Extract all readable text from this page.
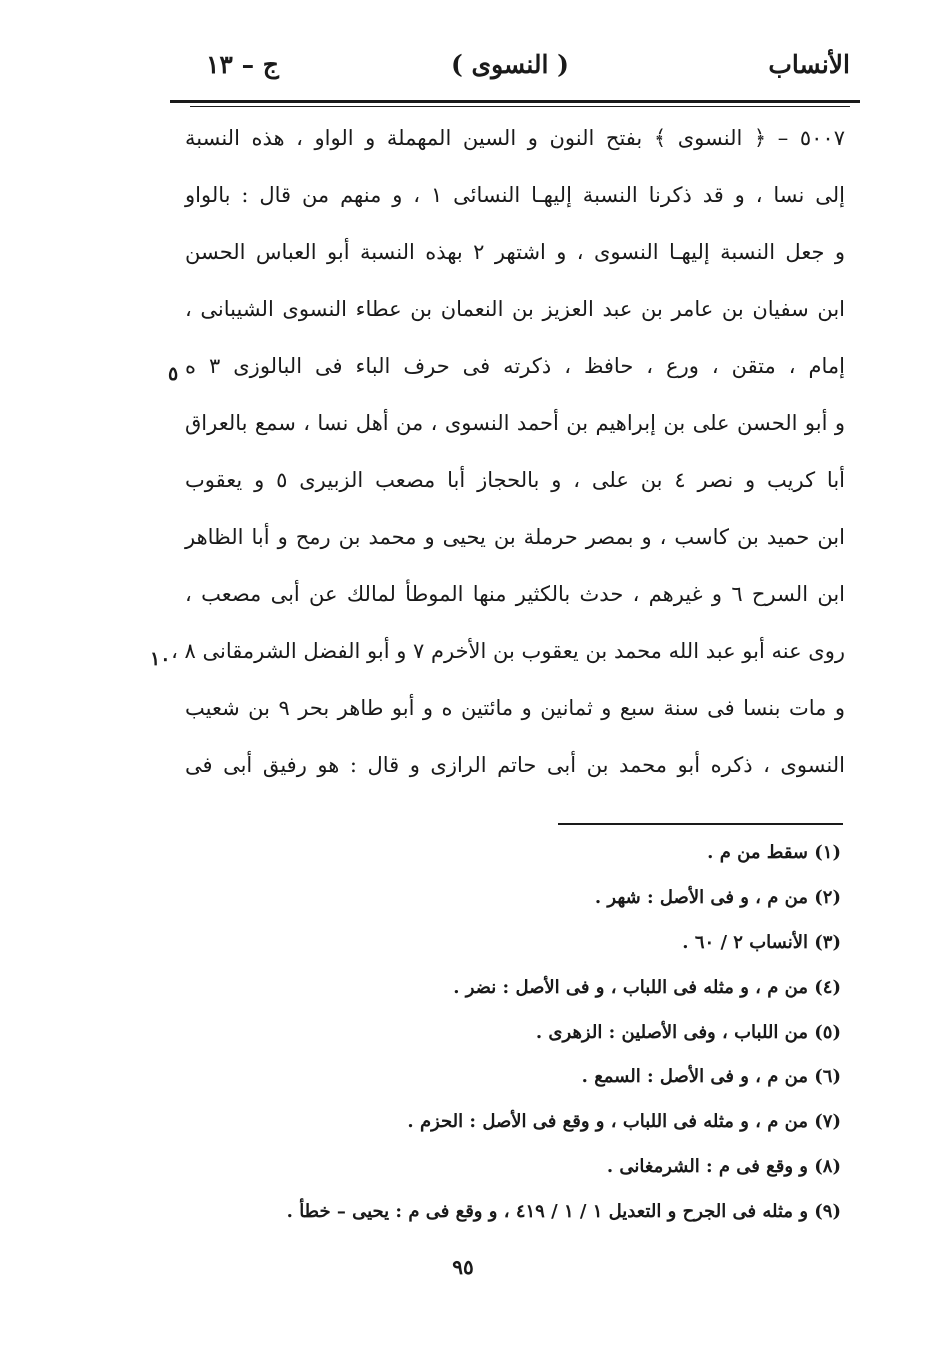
الأنساب
( النسوى )
ج – ١٣
٥٠٠٧ – ﴿ النسوى ﴾ بفتح النون و السين المهملة و الواو ، هذه النسبة
إلى نسا ، و قد ذكرنا النسبة إليهـا النسائى ١ ، و منهم من قال : بالواو
و جعل النسبة إليهـا النسوى ، و اشتهر ٢ بهذه النسبة أبو العباس الحسن
ابن سفيان بن عامر بن عبد العزيز بن النعمان بن عطاء النسوى الشيبانى ،
إمام ، متقن ، ورع ، حافظ ، ذكرته فى حرف الباء فى البالوزى ٣ ه
و أبو الحسن على بن إبراهيم بن أحمد النسوى ، من أهل نسا ، سمع بالعراق
أبا كريب و نصر ٤ بن على ، و بالحجاز أبا مصعب الزبيرى ٥ و يعقوب
ابن حميد بن كاسب ، و بمصر حرملة بن يحيى و محمد بن رمح و أبا الظاهر
ابن السرح ٦ و غيرهم ، حدث بالكثير منها الموطأ لمالك عن أبى مصعب ،
روى عنه أبو عبد الله محمد بن يعقوب بن الأخرم ٧ و أبو الفضل الشرمقانى ٨ ،
و مات بنسا فى سنة سبع و ثمانين و مائتين ه و أبو طاهر بحر ٩ بن شعيب
النسوى ، ذكره أبو محمد بن أبى حاتم الرازى و قال : هو رفيق أبى فى
٥
١٠
(١) سقط من م .
(٢) من م ، و فى الأصل : شهر .
(٣) الأنساب ٢ / ٦٠ .
(٤) من م ، و مثله فى اللباب ، و فى الأصل : نضر .
(٥) من اللباب ، وفى الأصلين : الزهرى .
(٦) من م ، و فى الأصل : السمع .
(٧) من م ، و مثله فى اللباب ، و وقع فى الأصل : الحزم .
(٨) و وقع فى م : الشرمغانى .
(٩) و مثله فى الجرح و التعديل ١ / ١ / ٤١٩ ، و وقع فى م : يحيى – خطأ .
٩٥
